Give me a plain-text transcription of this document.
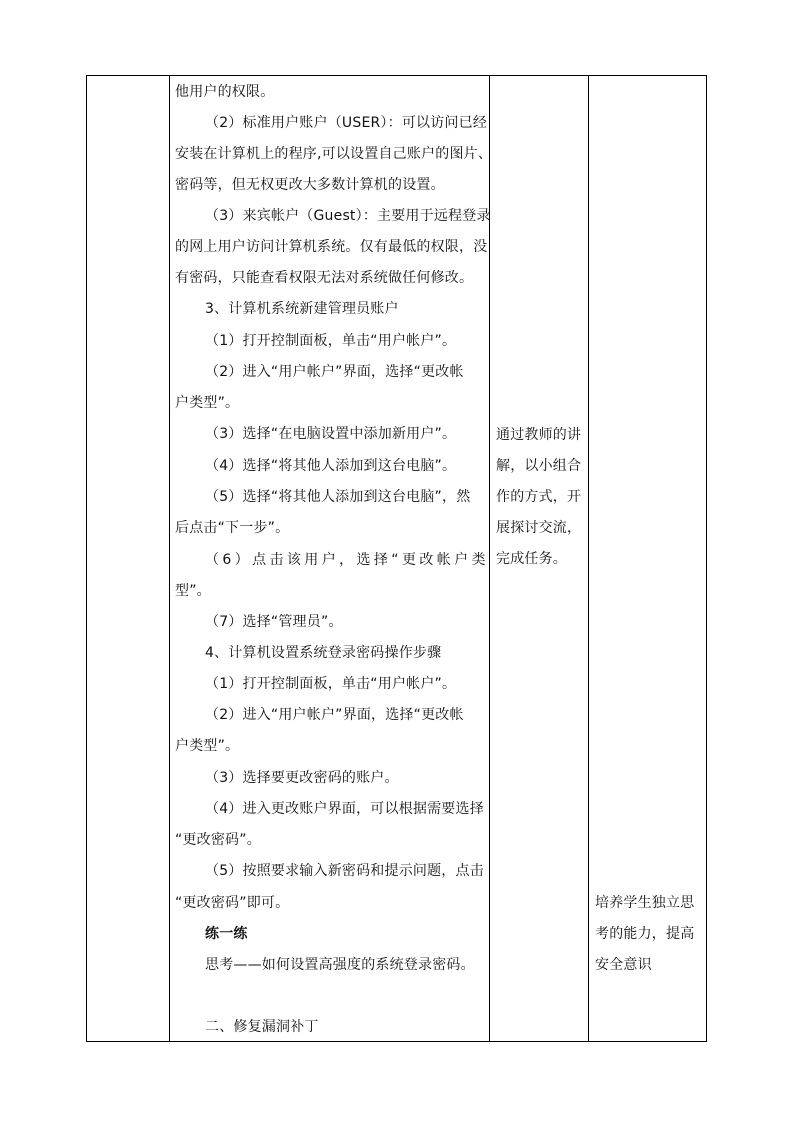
他用户的权限。
（2）标准用户账户（USER）：可以访问已经
安装在计算机上的程序,可以设置自己账户的图片、
密码等，但无权更改大多数计算机的设置。
（3）来宾帐户（Guest）：主要用于远程登录
的网上用户访问计算机系统。仅有最低的权限，没
有密码，只能查看权限无法对系统做任何修改。
3、计算机系统新建管理员账户
（1）打开控制面板，单击“用户帐户”。
（2）进入“用户帐户”界面，选择“更改帐
户类型”。
（3）选择“在电脑设置中添加新用户”。
（4）选择“将其他人添加到这台电脑”。
（5）选择“将其他人添加到这台电脑”，然
后点击“下一步”。
（6）点击该用户，选择“更改帐户类
型”。
（7）选择“管理员”。
4、计算机设置系统登录密码操作步骤
（1）打开控制面板，单击“用户帐户”。
（2）进入“用户帐户”界面，选择“更改帐
户类型”。
（3）选择要更改密码的账户。
（4）进入更改账户界面，可以根据需要选择
“更改密码”。
（5）按照要求输入新密码和提示问题，点击
“更改密码”即可。
练一练
思考——如何设置高强度的系统登录密码。
二、修复漏洞补丁
通过教师的讲
解，以小组合
作的方式，开
展探讨交流，
完成任务。
培养学生独立思
考的能力，提高
安全意识
